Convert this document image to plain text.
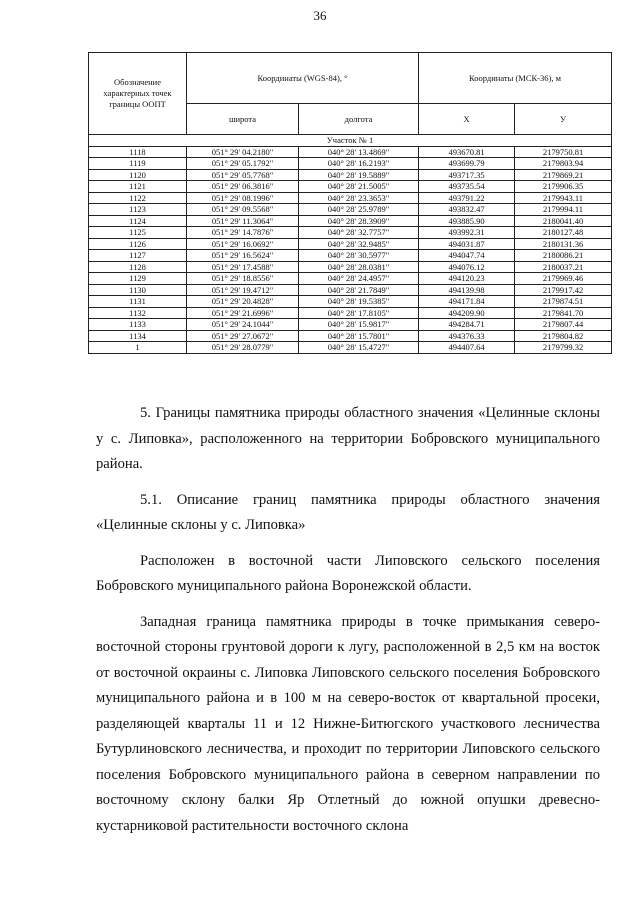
36
Обозначение характерных точек границы ООПТ	Координаты (WGS-84), °		Координаты (МСК-36), м	
	широта	долгота	X	У
Участок № 1				
1118	051° 29' 04.2180"	040° 28' 13.4869"	493670.81	2179750.81
1119	051° 29' 05.1792"	040° 28' 16.2193"	493699.79	2179803.94
1120	051° 29' 05.7768"	040° 28' 19.5889"	493717.35	2179869.21
1121	051° 29' 06.3816"	040° 28' 21.5005"	493735.54	2179906.35
1122	051° 29' 08.1996"	040° 28' 23.3653"	493791.22	2179943.11
1123	051° 29' 09.5568"	040° 28' 25.9789"	493832.47	2179994.11
1124	051° 29' 11.3064"	040° 28' 28.3909"	493885.90	2180041.40
1125	051° 29' 14.7876"	040° 28' 32.7757"	493992.31	2180127.48
1126	051° 29' 16.0692"	040° 28' 32.9485"	494031.87	2180131.36
1127	051° 29' 16.5624"	040° 28' 30.5977"	494047.74	2180086.21
1128	051° 29' 17.4588"	040° 28' 28.0381"	494076.12	2180037.21
1129	051° 29' 18.8556"	040° 28' 24.4957"	494120.23	2179969.46
1130	051° 29' 19.4712"	040° 28' 21.7849"	494139.98	2179917.42
1131	051° 29' 20.4828"	040° 28' 19.5385"	494171.84	2179874.51
1132	051° 29' 21.6996"	040° 28' 17.8105"	494209.90	2179841.70
1133	051° 29' 24.1044"	040° 28' 15.9817"	494284.71	2179807.44
1134	051° 29' 27.0672"	040° 28' 15.7801"	494376.33	2179804.82
1	051° 29' 28.0779"	040° 28' 15.4727"	494407.64	2179799.32

5. Границы памятника природы областного значения «Целинные склоны у с. Липовка», расположенного на территории Бобровского муниципального района.

5.1. Описание границ памятника природы областного значения «Целинные склоны у с. Липовка»

Расположен в восточной части Липовского сельского поселения Бобровского муниципального района Воронежской области.

Западная граница памятника природы в точке примыкания северо-восточной стороны грунтовой дороги к лугу, расположенной в 2,5 км на восток от восточной окраины с. Липовка Липовского сельского поселения Бобровского муниципального района и в 100 м на северо-восток от квартальной просеки, разделяющей кварталы 11 и 12 Нижне-Битюгского участкового лесничества Бутурлиновского лесничества, и проходит по территории Липовского сельского поселения Бобровского муниципального района в северном направлении по восточному склону балки Яр Отлетный до южной опушки древесно-кустарниковой растительности восточного склона
